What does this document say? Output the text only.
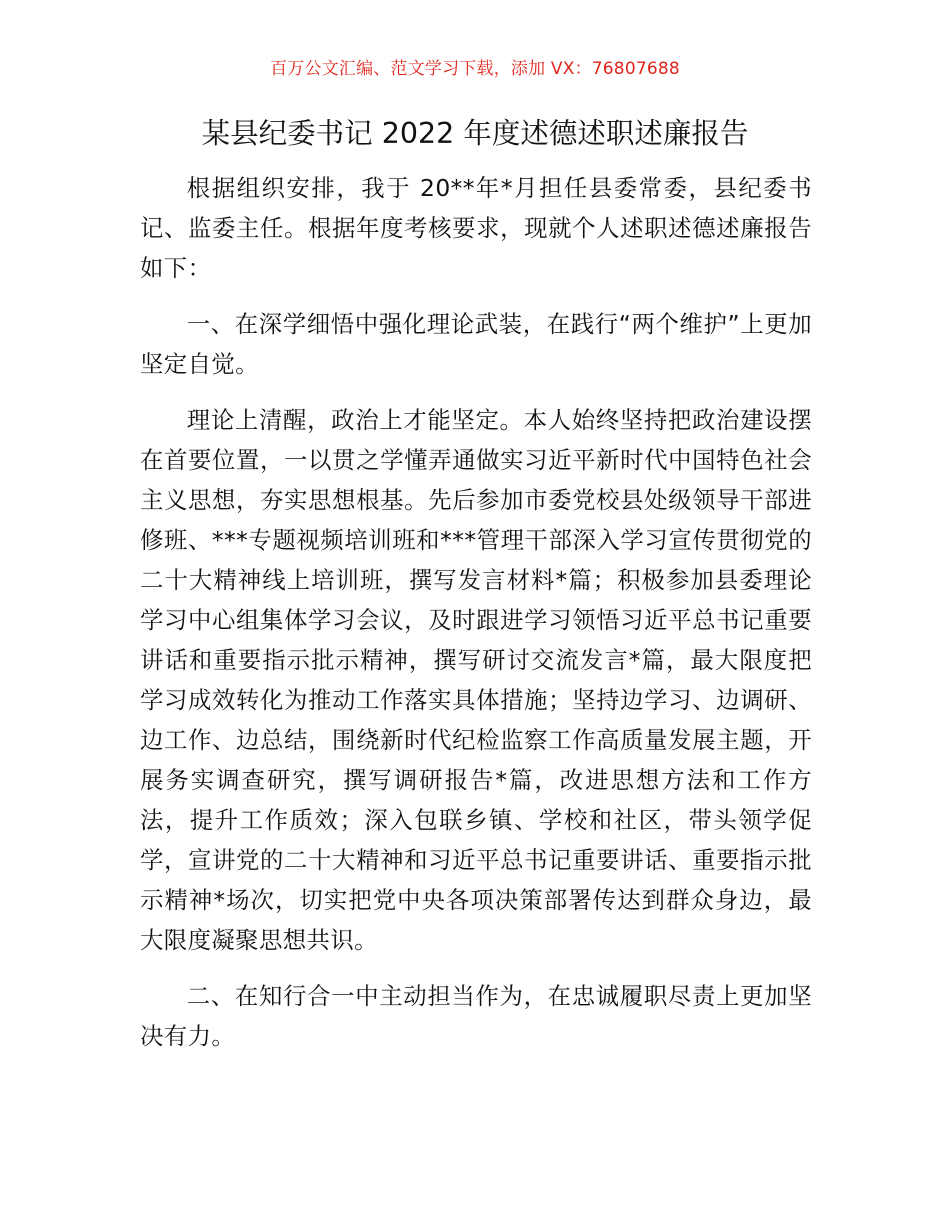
百万公文汇编、范文学习下载，添加 VX：76807688
某县纪委书记 2022 年度述德述职述廉报告

根据组织安排，我于 20**年*月担任县委常委，县纪委书记、监委主任。根据年度考核要求，现就个人述职述德述廉报告如下：

一、在深学细悟中强化理论武装，在践行“两个维护”上更加坚定自觉。

理论上清醒，政治上才能坚定。本人始终坚持把政治建设摆在首要位置，一以贯之学懂弄通做实习近平新时代中国特色社会主义思想，夯实思想根基。先后参加市委党校县处级领导干部进修班、***专题视频培训班和***管理干部深入学习宣传贯彻党的二十大精神线上培训班，撰写发言材料*篇；积极参加县委理论学习中心组集体学习会议，及时跟进学习领悟习近平总书记重要讲话和重要指示批示精神，撰写研讨交流发言*篇，最大限度把学习成效转化为推动工作落实具体措施；坚持边学习、边调研、边工作、边总结，围绕新时代纪检监察工作高质量发展主题，开展务实调查研究，撰写调研报告*篇，改进思想方法和工作方法，提升工作质效；深入包联乡镇、学校和社区，带头领学促学，宣讲党的二十大精神和习近平总书记重要讲话、重要指示批示精神*场次，切实把党中央各项决策部署传达到群众身边，最大限度凝聚思想共识。

二、在知行合一中主动担当作为，在忠诚履职尽责上更加坚决有力。
